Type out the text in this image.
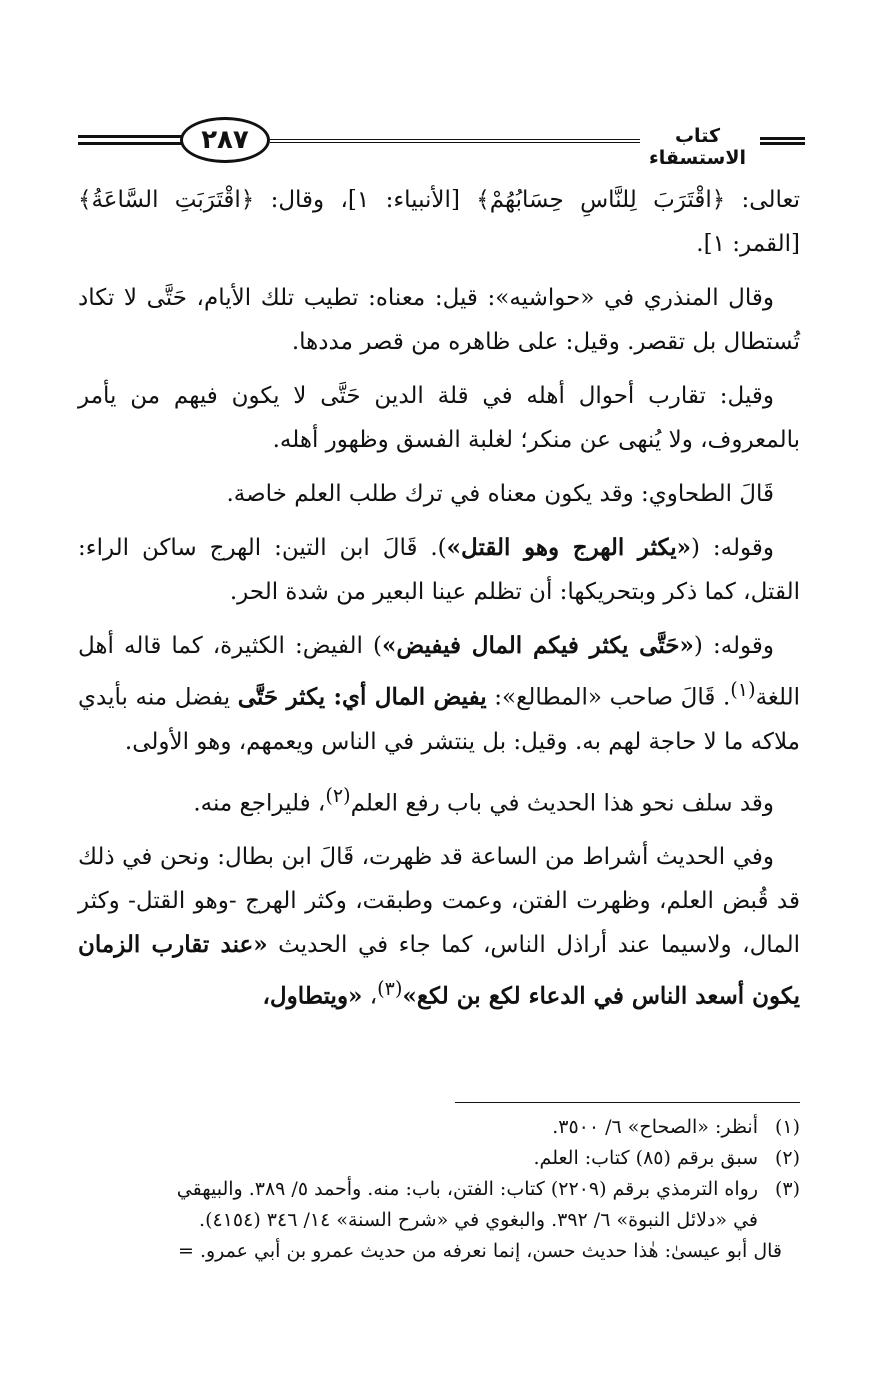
٢٨٧	كتاب الاستسقاء

تعالى: ﴿اقْتَرَبَ لِلنَّاسِ حِسَابُهُمْ﴾ [الأنبياء: ١]، وقال: ﴿اقْتَرَبَتِ السَّاعَةُ﴾ [القمر: ١].

وقال المنذري في «حواشيه»: قيل: معناه: تطيب تلك الأيام، حَتَّى لا تكاد تُستطال بل تقصر. وقيل: على ظاهره من قصر مددها.

وقيل: تقارب أحوال أهله في قلة الدين حَتَّى لا يكون فيهم من يأمر بالمعروف، ولا يُنهى عن منكر؛ لغلبة الفسق وظهور أهله.

قَالَ الطحاوي: وقد يكون معناه في ترك طلب العلم خاصة.

وقوله: («يكثر الهرج وهو القتل»). قَالَ ابن التين: الهرج ساكن الراء: القتل، كما ذكر وبتحريكها: أن تظلم عينا البعير من شدة الحر.

وقوله: («حَتَّى يكثر فيكم المال فيفيض») الفيض: الكثيرة، كما قاله أهل اللغة$^{(١)}$. قَالَ صاحب «المطالع»: يفيض المال أي: يكثر حَتَّى يفضل منه بأيدي ملاكه ما لا حاجة لهم به. وقيل: بل ينتشر في الناس ويعمهم، وهو الأولى.

وقد سلف نحو هذا الحديث في باب رفع العلم$^{(٢)}$، فليراجع منه.

وفي الحديث أشراط من الساعة قد ظهرت، قَالَ ابن بطال: ونحن في ذلك قد قُبض العلم، وظهرت الفتن، وعمت وطبقت، وكثر الهرج -وهو القتل- وكثر المال، ولاسيما عند أراذل الناس، كما جاء في الحديث «عند تقارب الزمان يكون أسعد الناس في الدعاء لكع بن لكع»$^{(٣)}$، «ويتطاول،

(١)
أنظر: «الصحاح» ٦/ ٣٥٠٠.
(٢)
سبق برقم (٨٥) كتاب: العلم.
(٣)
رواه الترمذي برقم (٢٢٠٩) كتاب: الفتن، باب: منه. وأحمد ٥/ ٣٨٩. والبيهقي
في «دلائل النبوة» ٦/ ٣٩٢. والبغوي في «شرح السنة» ١٤/ ٣٤٦ (٤١٥٤).
قال أبو عيسىٰ: هٰذا حديث حسن، إنما نعرفه من حديث عمرو بن أبي عمرو.=
